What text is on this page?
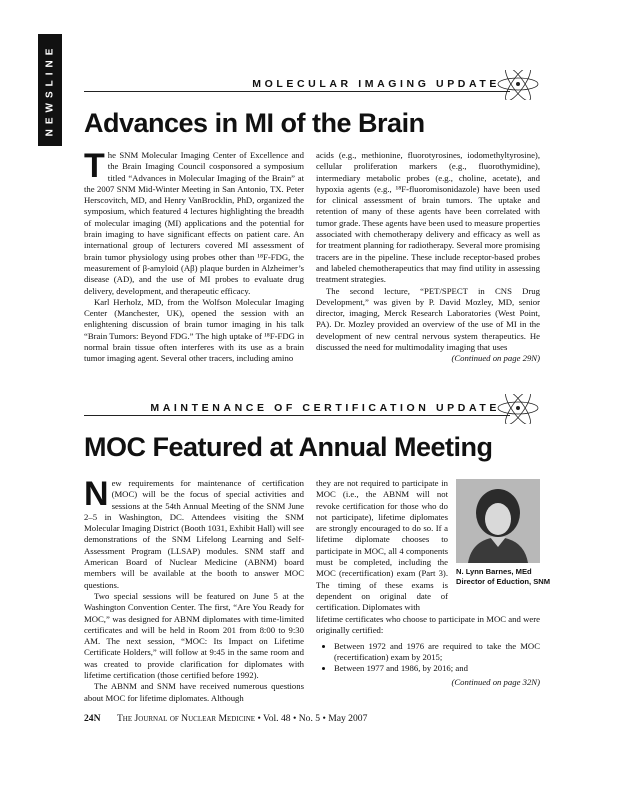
NEWSLINE	MOLECULAR IMAGING UPDATE
Advances in MI of the Brain

The SNM Molecular Imaging Center of Excellence and the Brain Imaging Council cosponsored a symposium titled “Advances in Molecular Imaging of the Brain” at the 2007 SNM Mid-Winter Meeting in San Antonio, TX. Peter Herscovitch, MD, and Henry VanBrocklin, PhD, organized the symposium, which featured 4 lectures highlighting the breadth of molecular imaging (MI) applications and the potential for brain imaging to have significant effects on patient care. An international group of lecturers covered MI assessment of brain tumor physiology using probes other than ¹⁸F-FDG, the measurement of β-amyloid (Aβ) plaque burden in Alzheimer’s disease (AD), and the use of MI probes to evaluate drug delivery, development, and therapeutic efficacy.

Karl Herholz, MD, from the Wolfson Molecular Imaging Center (Manchester, UK), opened the session with an enlightening discussion of brain tumor imaging in his talk “Brain Tumors: Beyond FDG.” The high uptake of ¹⁸F-FDG in normal brain tissue often interferes with its use as a brain tumor imaging agent. Several other tracers, including amino

acids (e.g., methionine, fluorotyrosines, iodomethyltyrosine), cellular proliferation markers (e.g., fluorothymidine), intermediary metabolic probes (e.g., choline, acetate), and hypoxia agents (e.g., ¹⁸F-fluoromisonidazole) have been used for clinical assessment of brain tumors. The uptake and retention of many of these agents have been correlated with tumor grade. These agents have been used to measure properties associated with chemotherapy delivery and efficacy as well as for treatment planning for radiotherapy. Several more promising tracers are in the pipeline. These include receptor-based probes and labeled chemotherapeutics that may find utility in assessing treatment strategies.

The second lecture, “PET/SPECT in CNS Drug Development,” was given by P. David Mozley, MD, senior director, imaging, Merck Research Laboratories (West Point, PA). Dr. Mozley provided an overview of the use of MI in the development of new central nervous system therapeutics. He discussed the need for multimodality imaging that uses

(Continued on page 29N)

MAINTENANCE OF CERTIFICATION UPDATE
MOC Featured at Annual Meeting

New requirements for maintenance of certification (MOC) will be the focus of special activities and sessions at the 54th Annual Meeting of the SNM June 2–5 in Washington, DC. Attendees visiting the SNM Molecular Imaging District (Booth 1031, Exhibit Hall) will see demonstrations of the SNM Lifelong Learning and Self-Assessment Program (LLSAP) modules. SNM staff and American Board of Nuclear Medicine (ABNM) board members will be available at the booth to answer MOC questions.

Two special sessions will be featured on June 5 at the Washington Convention Center. The first, “Are You Ready for MOC,” was designed for ABNM diplomates with time-limited certificates and will be held in Room 201 from 8:00 to 9:30 AM. The next session, “MOC: Its Impact on Lifetime Certificate Holders,” will follow at 9:45 in the same room and was created to provide clarification for diplomates with lifetime certification (those certified before 1992).

The ABNM and SNM have received numerous questions about MOC for lifetime diplomates. Although

they are not required to participate in MOC (i.e., the ABNM will not revoke certification for those who do not participate), lifetime diplomates are strongly encouraged to do so. If a lifetime diplomate chooses to participate in MOC, all 4 components must be completed, including the MOC (recertification) exam (Part 3). The timing of these exams is dependent on original date of certification. Diplomates with

N. Lynn Barnes, MEd Director of Eduction, SNM

lifetime certificates who choose to participate in MOC and were originally certified:

• Between 1972 and 1976 are required to take the MOC (recertification) exam by 2015;
• Between 1977 and 1986, by 2016; and

(Continued on page 32N)

24N The Journal of Nuclear Medicine • Vol. 48 • No. 5 • May 2007
